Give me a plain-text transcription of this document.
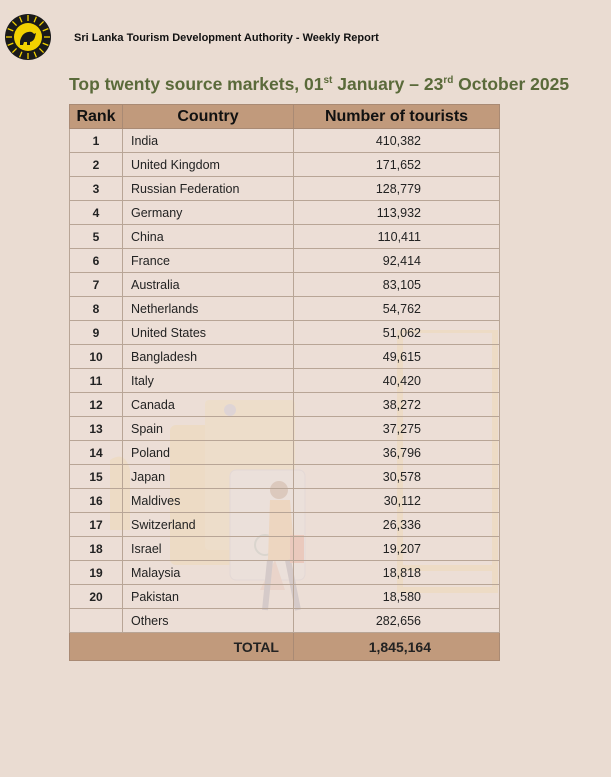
Sri Lanka Tourism Development Authority - Weekly Report
Top twenty source markets, 01st January – 23rd October 2025
Rank	Country	Number of tourists
1	India	410,382
2	United Kingdom	171,652
3	Russian Federation	128,779
4	Germany	113,932
5	China	110,411
6	France	92,414
7	Australia	83,105
8	Netherlands	54,762
9	United States	51,062
10	Bangladesh	49,615
11	Italy	40,420
12	Canada	38,272
13	Spain	37,275
14	Poland	36,796
15	Japan	30,578
16	Maldives	30,112
17	Switzerland	26,336
18	Israel	19,207
19	Malaysia	18,818
20	Pakistan	18,580
	Others	282,656
TOTAL		1,845,164
